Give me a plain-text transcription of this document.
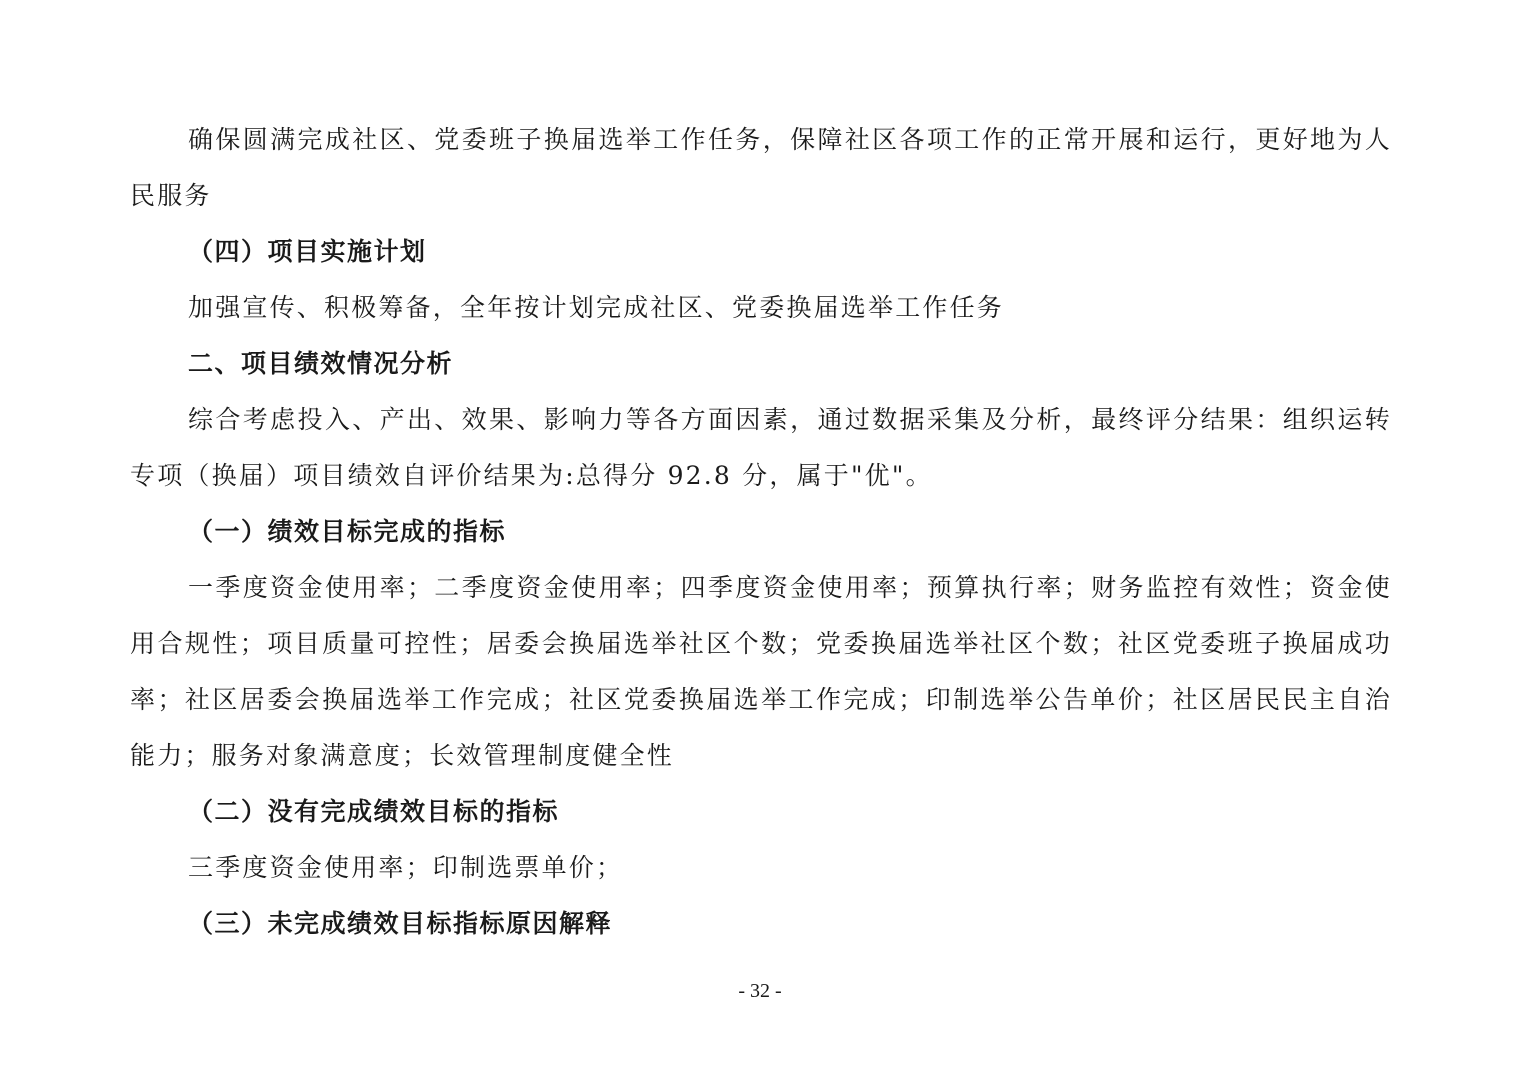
确保圆满完成社区、党委班子换届选举工作任务，保障社区各项工作的正常开展和运行，更好地为人民服务

（四）项目实施计划

加强宣传、积极筹备，全年按计划完成社区、党委换届选举工作任务

二、项目绩效情况分析

综合考虑投入、产出、效果、影响力等各方面因素，通过数据采集及分析，最终评分结果：组织运转专项（换届）项目绩效自评价结果为:总得分 92.8 分，属于"优"。

（一）绩效目标完成的指标

一季度资金使用率；二季度资金使用率；四季度资金使用率；预算执行率；财务监控有效性；资金使用合规性；项目质量可控性；居委会换届选举社区个数；党委换届选举社区个数；社区党委班子换届成功率；社区居委会换届选举工作完成；社区党委换届选举工作完成；印制选举公告单价；社区居民民主自治能力；服务对象满意度；长效管理制度健全性

（二）没有完成绩效目标的指标

三季度资金使用率；印制选票单价；

（三）未完成绩效目标指标原因解释

- 32 -
